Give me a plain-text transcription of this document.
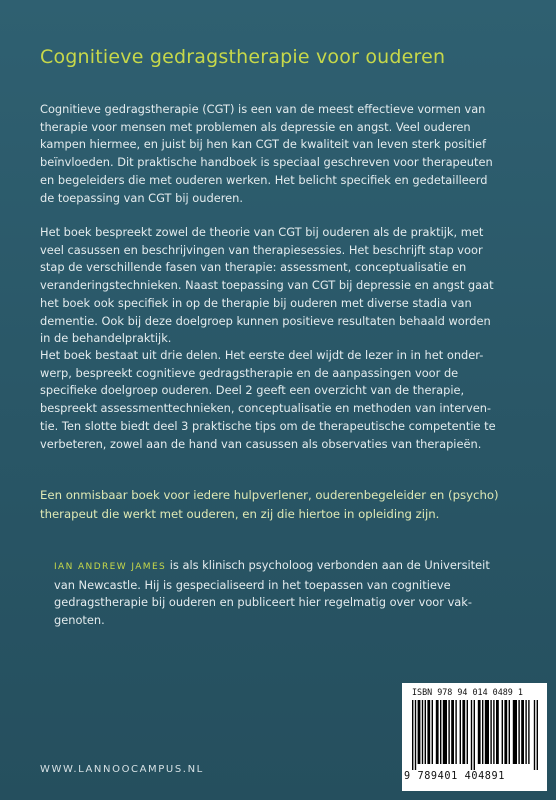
Cognitieve gedragstherapie voor ouderen

Cognitieve gedragstherapie (CGT) is een van de meest effectieve vormen van
therapie voor mensen met problemen als depressie en angst. Veel ouderen
kampen hiermee, en juist bij hen kan CGT de kwaliteit van leven sterk positief
beïnvloeden. Dit praktische handboek is speciaal geschreven voor therapeuten
en begeleiders die met ouderen werken. Het belicht specifiek en gedetailleerd
de toepassing van CGT bij ouderen.

Het boek bespreekt zowel de theorie van CGT bij ouderen als de praktijk, met
veel casussen en beschrijvingen van therapiesessies. Het beschrijft stap voor
stap de verschillende fasen van therapie: assessment, conceptualisatie en
veranderingstechnieken. Naast toepassing van CGT bij depressie en angst gaat
het boek ook specifiek in op de therapie bij ouderen met diverse stadia van
dementie. Ook bij deze doelgroep kunnen positieve resultaten behaald worden
in de behandelpraktijk.

Het boek bestaat uit drie delen. Het eerste deel wijdt de lezer in in het onder-
werp, bespreekt cognitieve gedragstherapie en de aanpassingen voor de
specifieke doelgroep ouderen. Deel 2 geeft een overzicht van de therapie,
bespreekt assessmenttechnieken, conceptualisatie en methoden van interven-
tie. Ten slotte biedt deel 3 praktische tips om de therapeutische competentie te
verbeteren, zowel aan de hand van casussen als observaties van therapieën.

Een onmisbaar boek voor iedere hulpverlener, ouderenbegeleider en (psycho)
therapeut die werkt met ouderen, en zij die hiertoe in opleiding zijn.
IAN ANDREW JAMES is als klinisch psycholoog verbonden aan de Universiteit
van Newcastle. Hij is gespecialiseerd in het toepassen van cognitieve
gedragstherapie bij ouderen en publiceert hier regelmatig over voor vak-
genoten.
WWW.LANNOOCAMPUS.NL
ISBN 978 94 014 0489 1
9 789401 404891
